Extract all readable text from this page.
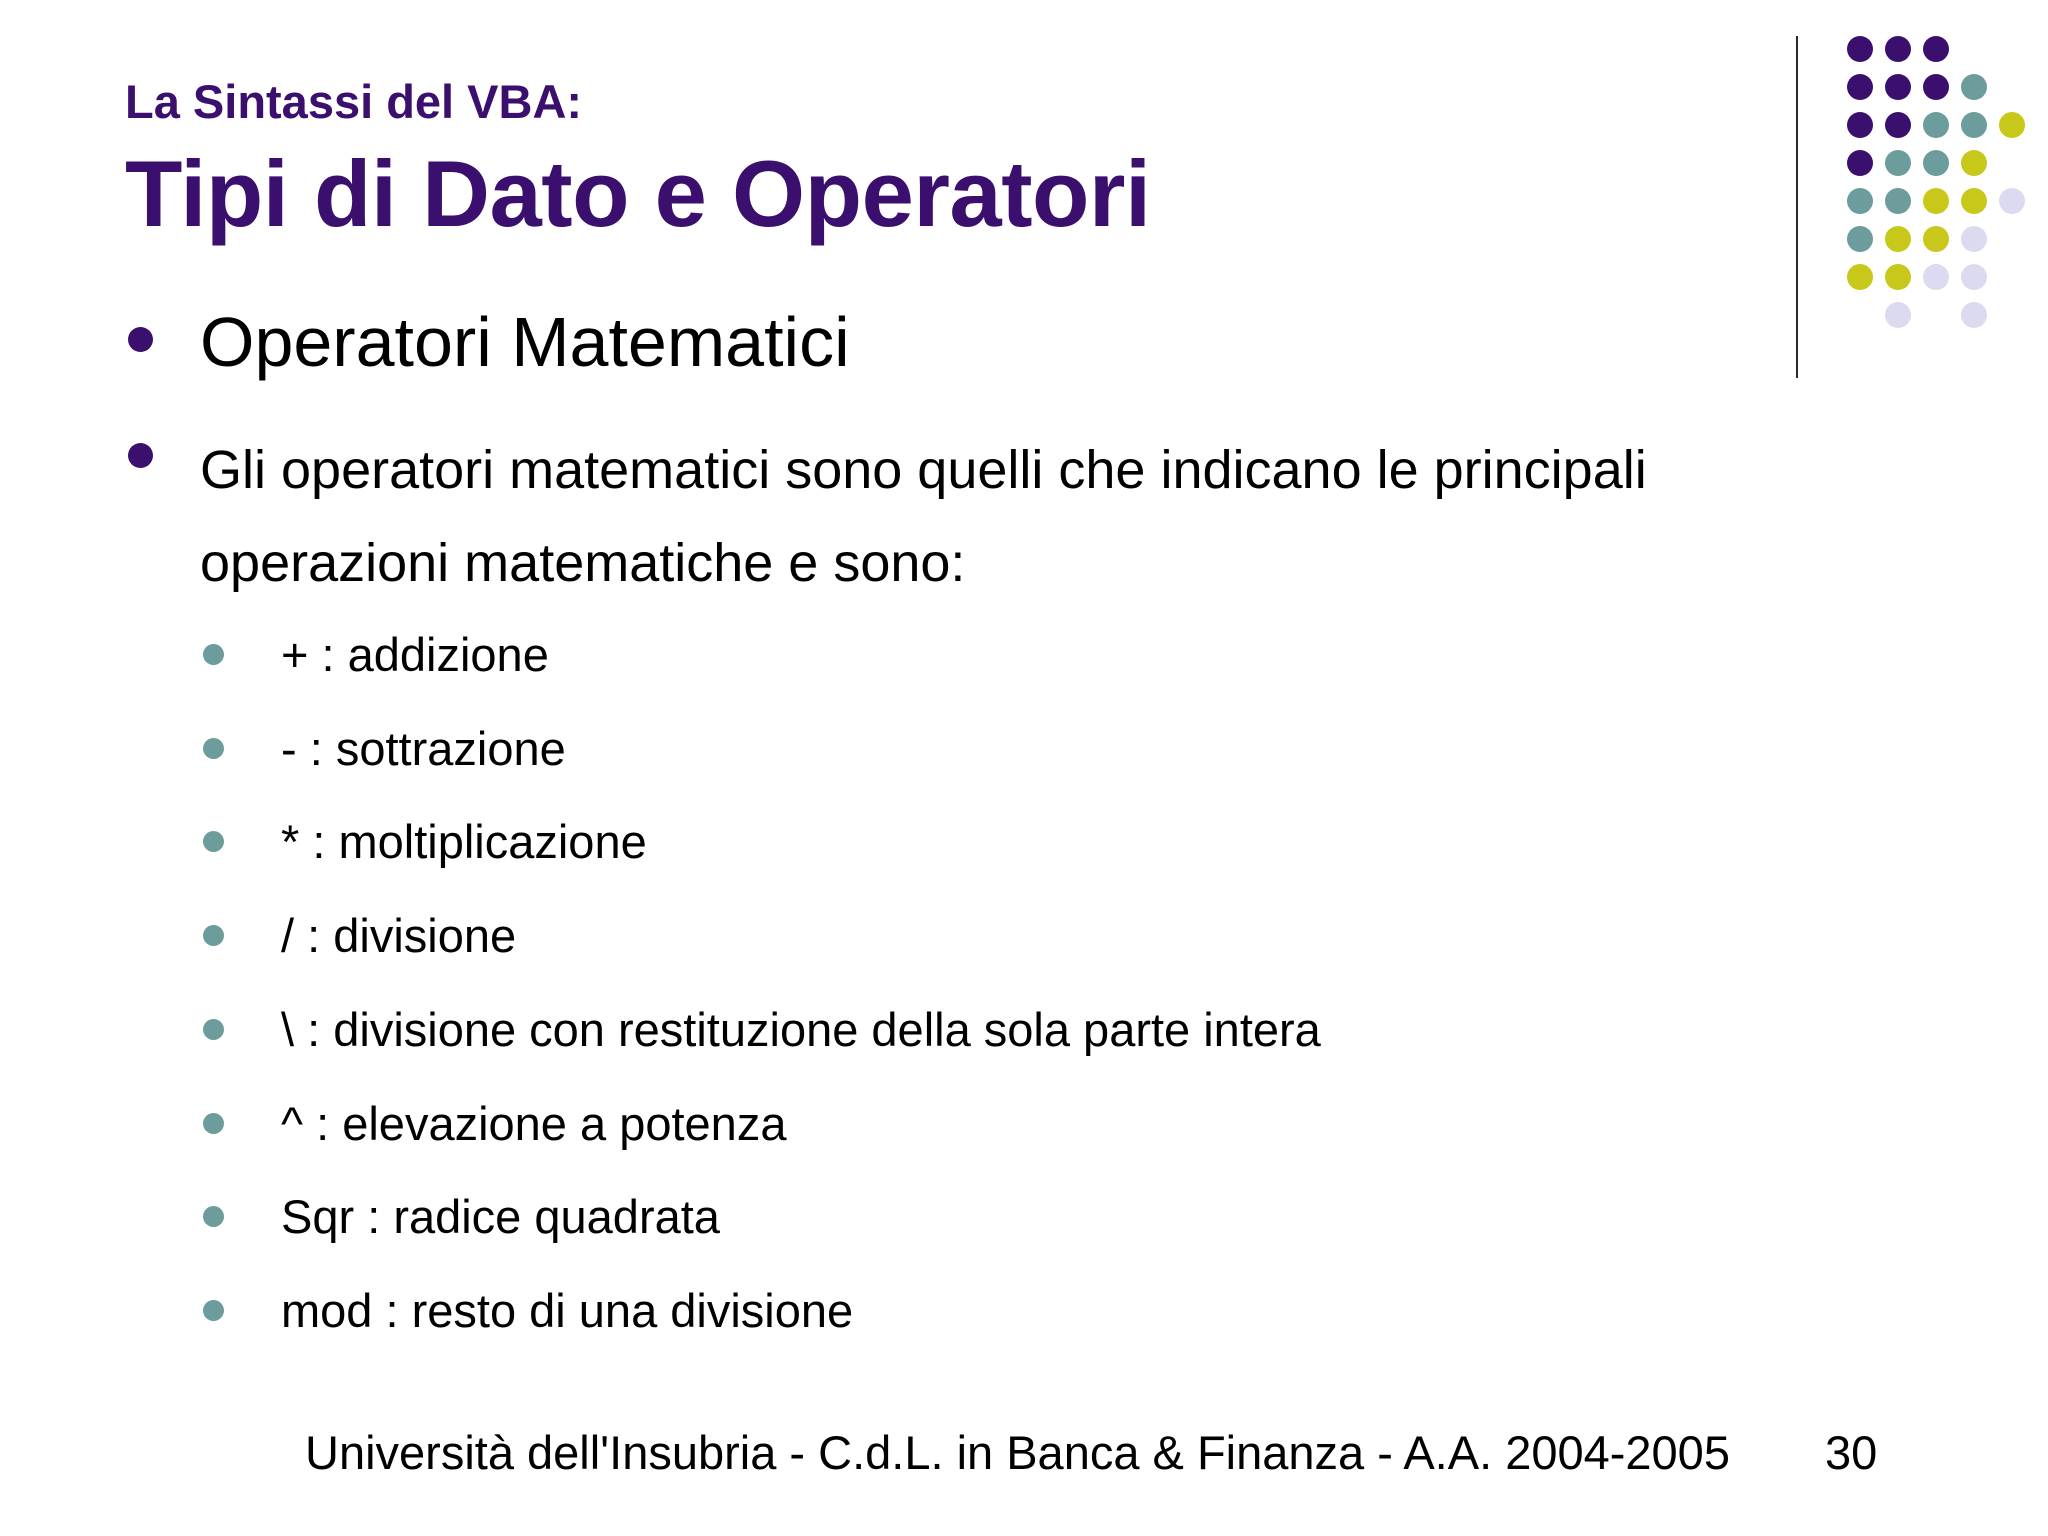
La Sintassi del VBA:
Tipi di Dato e Operatori
Operatori Matematici
Gli operatori matematici sono quelli che indicano le principali operazioni matematiche e sono:
+ : addizione
- : sottrazione
* : moltiplicazione
/ : divisione
\ : divisione con restituzione della sola parte intera
^ : elevazione a potenza
Sqr : radice quadrata
mod : resto di una divisione
Università dell'Insubria - C.d.L. in Banca & Finanza - A.A. 2004-2005 30
